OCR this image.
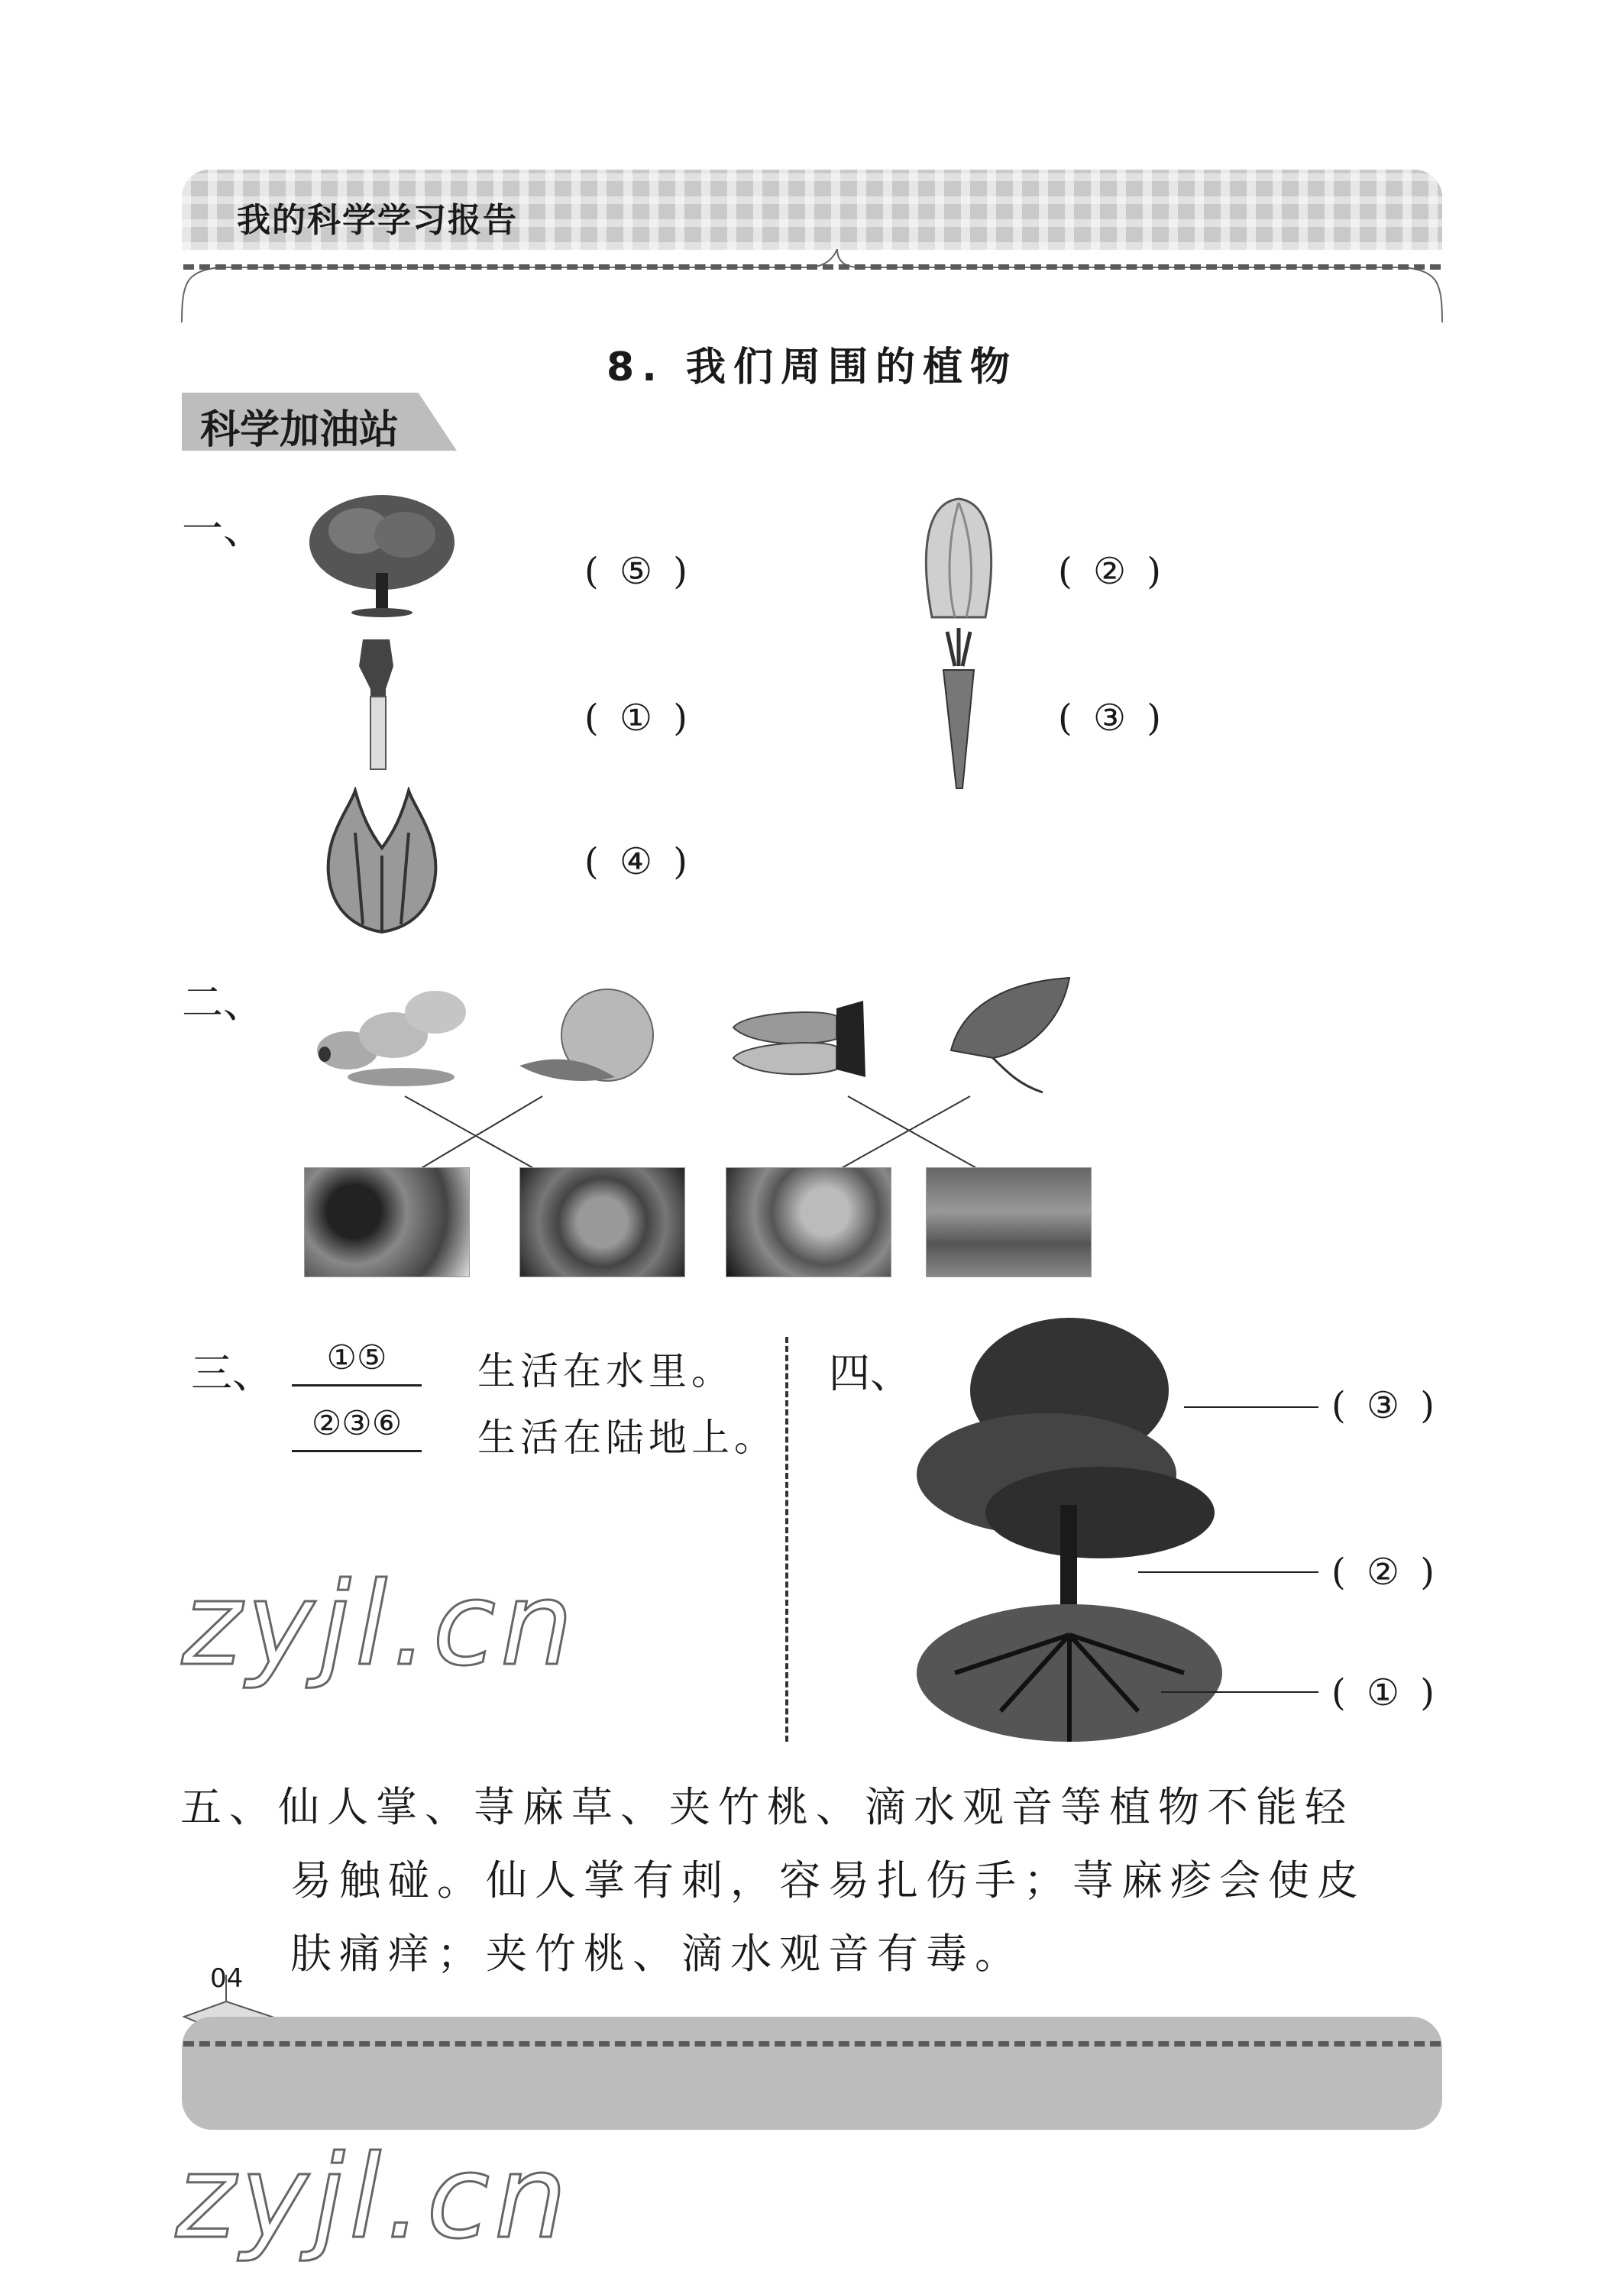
我的科学学习报告
8. 我们周围的植物
科学加油站
一、
( ⑤ )	( ② )
( ① )	( ③ )
( ④ )
二、
三、	①⑤	生活在水里。
②③⑥	生活在陆地上。
zyjl.cn
四、
( ③ )
( ② )
( ① )
五、仙人掌、荨麻草、夹竹桃、滴水观音等植物不能轻
易触碰。仙人掌有刺，容易扎伤手；荨麻疹会使皮
肤痛痒；夹竹桃、滴水观音有毒。
04
zyjl.cn
